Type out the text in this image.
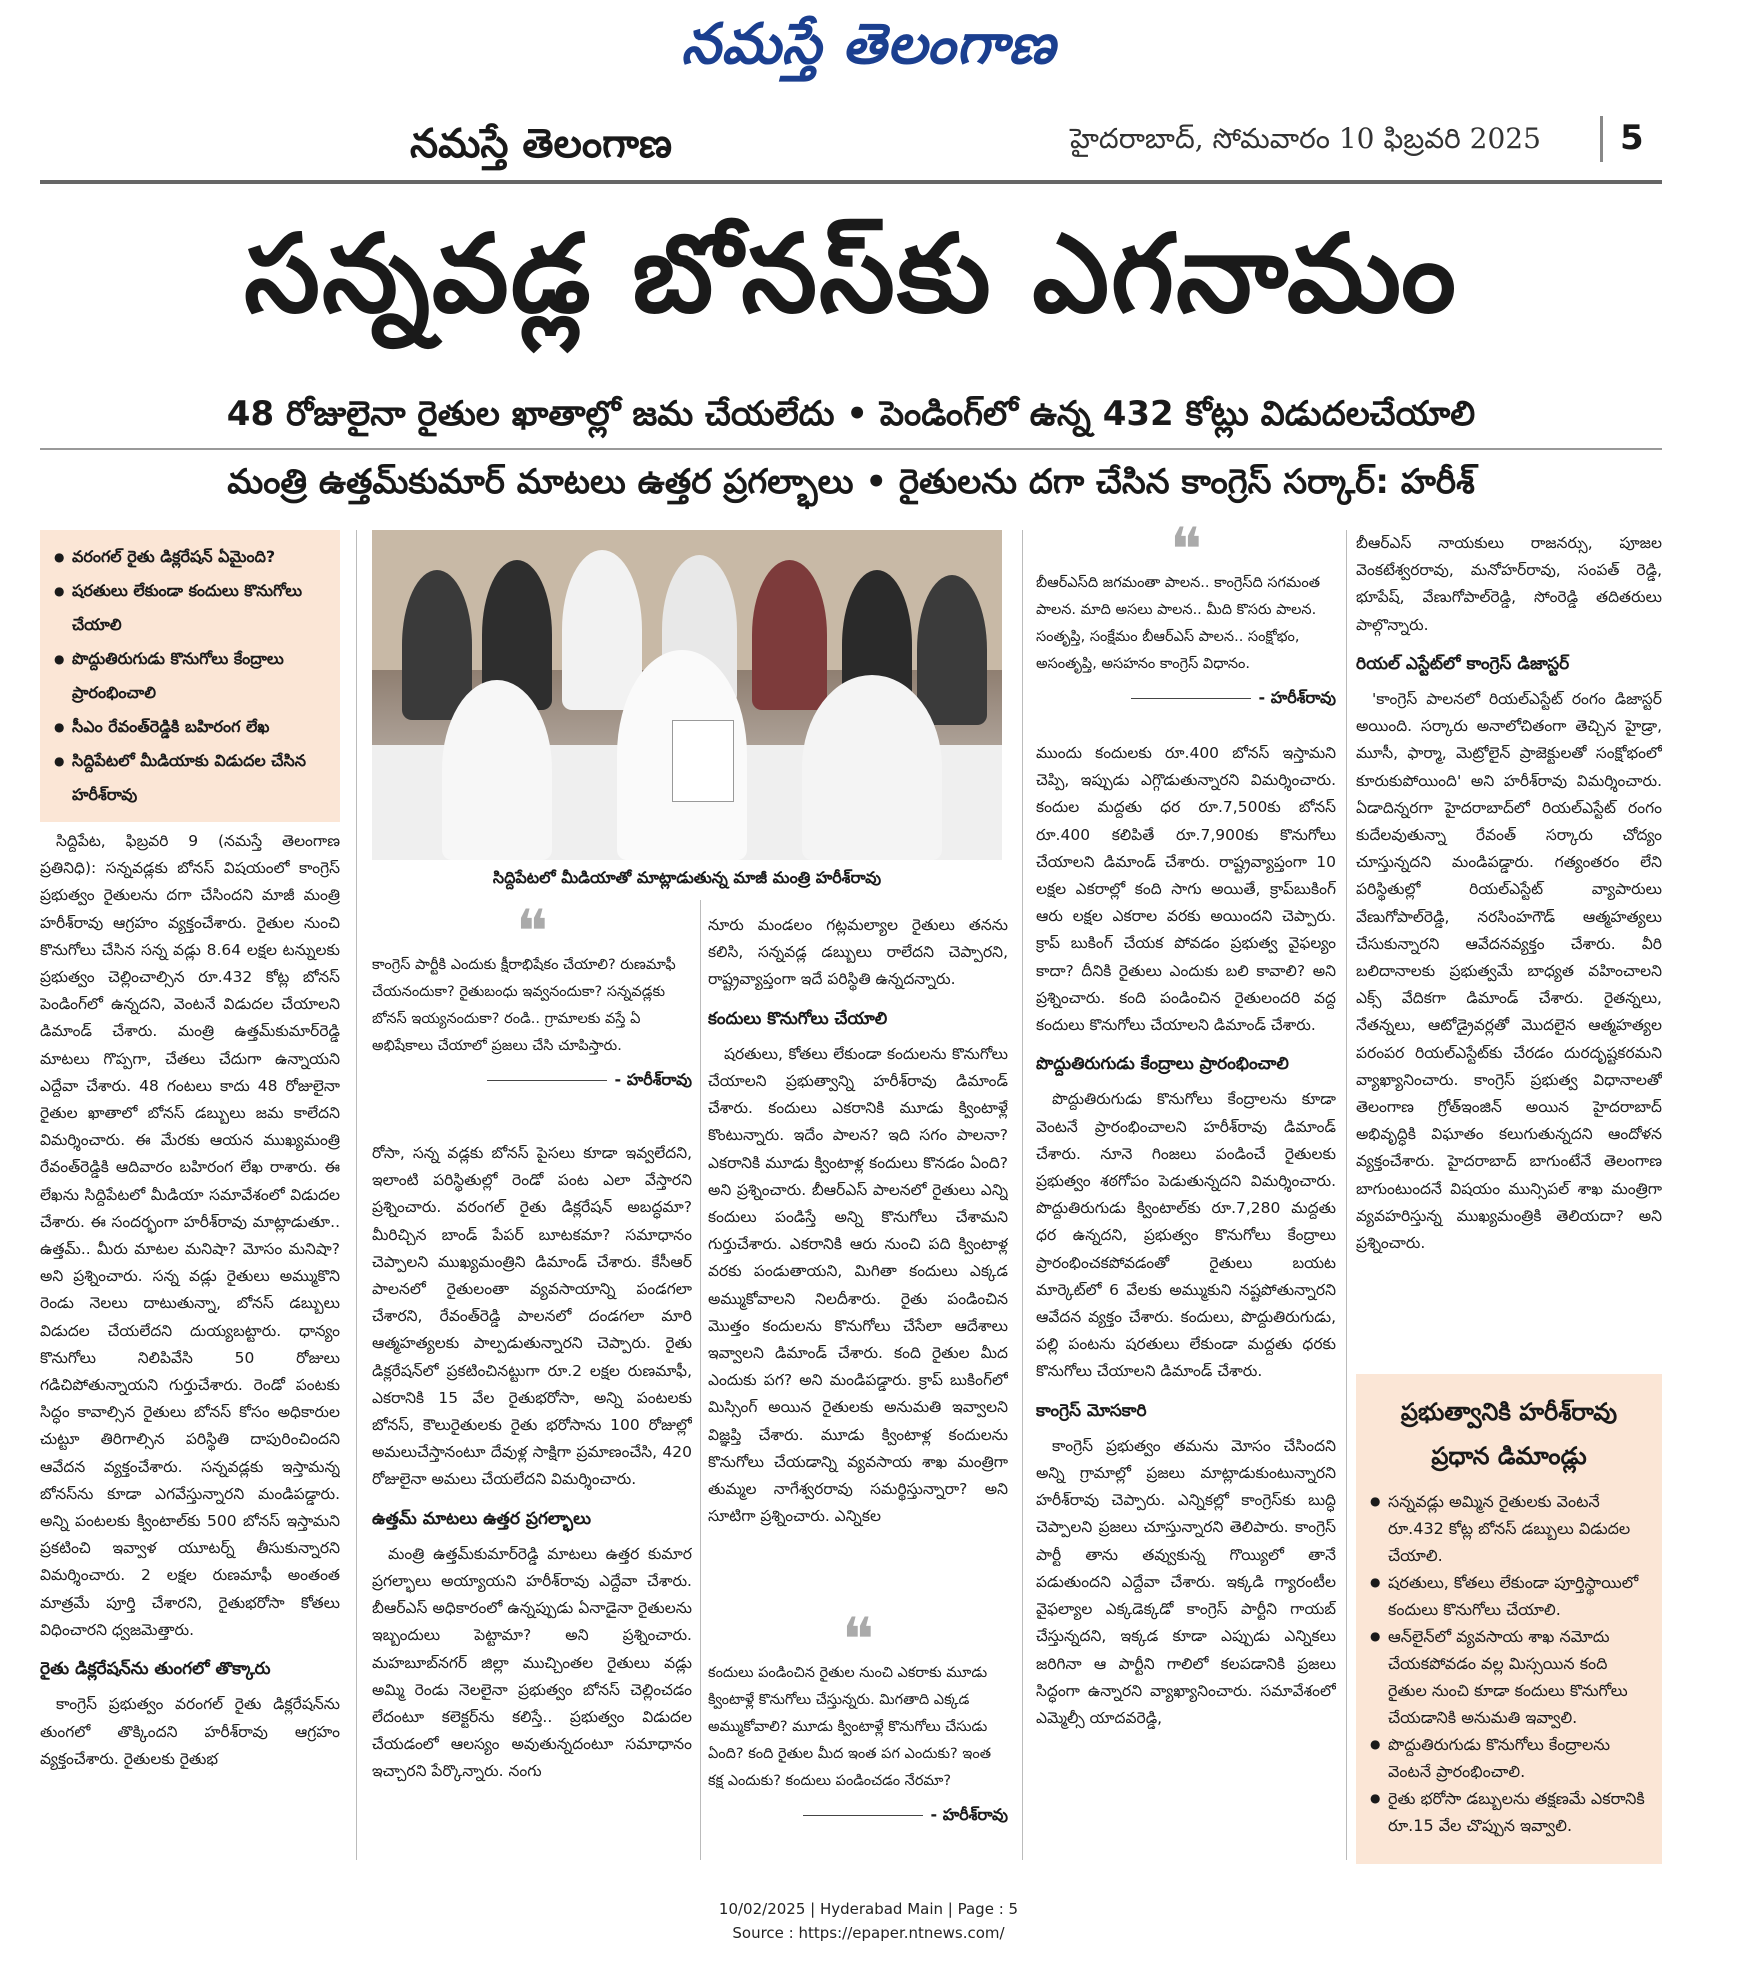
నమస్తే తెలంగాణ
నమస్తే తెలంగాణ	హైదరాబాద్, సోమవారం 10 ఫిబ్రవరి 2025 5
సన్నవడ్ల బోనస్‌కు ఎగనామం
48 రోజులైనా రైతుల ఖాతాల్లో జమ చేయలేదు • పెండింగ్‌లో ఉన్న 432 కోట్లు విడుదలచేయాలి
మంత్రి ఉత్తమ్‌కుమార్ మాటలు ఉత్తర ప్రగల్భాలు • రైతులను దగా చేసిన కాంగ్రెస్ సర్కార్: హరీశ్
● వరంగల్ రైతు డిక్లరేషన్ ఏమైంది?
● షరతులు లేకుండా కందులు కొనుగోలు చేయాలి
● పొద్దుతిరుగుడు కొనుగోలు కేంద్రాలు ప్రారంభించాలి
● సీఎం రేవంత్‌రెడ్డికి బహిరంగ లేఖ
● సిద్దిపేటలో మీడియాకు విడుదల చేసిన హరీశ్‌రావు

సిద్దిపేట, ఫిబ్రవరి 9 (నమస్తే తెలంగాణ ప్రతినిధి): సన్నవడ్లకు బోనస్ విషయంలో కాంగ్రెస్ ప్రభుత్వం రైతులను దగా చేసిందని మాజీ మంత్రి హరీశ్‌రావు ఆగ్రహం వ్యక్తంచేశారు. రైతుల నుంచి కొనుగోలు చేసిన సన్న వడ్లు 8.64 లక్షల టన్నులకు ప్రభుత్వం చెల్లించాల్సిన రూ.432 కోట్ల బోనస్ పెండింగ్‌లో ఉన్నదని, వెంటనే విడుదల చేయాలని డిమాండ్ చేశారు. మంత్రి ఉత్తమ్‌కుమార్‌రెడ్డి మాటలు గొప్పగా, చేతలు చేదుగా ఉన్నాయని ఎద్దేవా చేశారు. 48 గంటలు కాదు 48 రోజులైనా రైతుల ఖాతాలో బోనస్ డబ్బులు జమ కాలేదని విమర్శించారు. ఈ మేరకు ఆయన ముఖ్యమంత్రి రేవంత్‌రెడ్డికి ఆదివారం బహిరంగ లేఖ రాశారు. ఈ లేఖను సిద్దిపేటలో మీడియా సమావేశంలో విడుదల చేశారు. ఈ సందర్భంగా హరీశ్‌రావు మాట్లాడుతూ.. ఉత్తమ్.. మీరు మాటల మనిషా? మోసం మనిషా? అని ప్రశ్నించారు. సన్న వడ్లు రైతులు అమ్ముకొని రెండు నెలలు దాటుతున్నా, బోనస్ డబ్బులు విడుదల చేయలేదని దుయ్యబట్టారు. ధాన్యం కొనుగోలు నిలిపివేసి 50 రోజులు గడిచిపోతున్నాయని గుర్తుచేశారు. రెండో పంటకు సిద్ధం కావాల్సిన రైతులు బోనస్ కోసం అధికారుల చుట్టూ తిరిగాల్సిన పరిస్థితి దాపురించిందని ఆవేదన వ్యక్తంచేశారు. సన్నవడ్లకు ఇస్తామన్న బోనస్‌ను కూడా ఎగవేస్తున్నారని మండిపడ్డారు. అన్ని పంటలకు క్వింటాల్‌కు 500 బోనస్ ఇస్తామని ప్రకటించి ఇవ్వాళ యూటర్న్ తీసుకున్నారని విమర్శించారు. 2 లక్షల రుణమాఫీ అంతంత మాత్రమే పూర్తి చేశారని, రైతుభరోసా కోతలు విధించారని ధ్వజమెత్తారు.

రైతు డిక్లరేషన్‌ను తుంగలో తొక్కారు

కాంగ్రెస్ ప్రభుత్వం వరంగల్ రైతు డిక్లరేషన్‌ను తుంగలో తొక్కిందని హరీశ్‌రావు ఆగ్రహం వ్యక్తంచేశారు. రైతులకు రైతుభ

సిద్దిపేటలో మీడియాతో మాట్లాడుతున్న మాజీ మంత్రి హరీశ్‌రావు
❝
కాంగ్రెస్ పార్టీకి ఎందుకు క్షీరాభిషేకం చేయాలి? రుణమాఫీ చేయనందుకా? రైతుబంధు ఇవ్వనందుకా? సన్నవడ్లకు బోనస్ ఇయ్యనందుకా? రండి.. గ్రామాలకు వస్తే ఏ అభిషేకాలు చేయాలో ప్రజలు చేసి చూపిస్తారు.
- హరీశ్‌రావు

రోసా, సన్న వడ్లకు బోనస్ పైసలు కూడా ఇవ్వలేదని, ఇలాంటి పరిస్థితుల్లో రెండో పంట ఎలా వేస్తారని ప్రశ్నించారు. వరంగల్ రైతు డిక్లరేషన్ అబద్ధమా? మీరిచ్చిన బాండ్ పేపర్ బూటకమా? సమాధానం చెప్పాలని ముఖ్యమంత్రిని డిమాండ్ చేశారు. కేసీఆర్ పాలనలో రైతులంతా వ్యవసాయాన్ని పండగలా చేశారని, రేవంత్‌రెడ్డి పాలనలో దండగలా మారి ఆత్మహత్యలకు పాల్పడుతున్నారని చెప్పారు. రైతు డిక్లరేషన్‌లో ప్రకటించినట్టుగా రూ.2 లక్షల రుణమాఫీ, ఎకరానికి 15 వేల రైతుభరోసా, అన్ని పంటలకు బోనస్, కౌలురైతులకు రైతు భరోసాను 100 రోజుల్లో అమలుచేస్తానంటూ దేవుళ్ల సాక్షిగా ప్రమాణంచేసి, 420 రోజులైనా అమలు చేయలేదని విమర్శించారు.

ఉత్తమ్ మాటలు ఉత్తర ప్రగల్భాలు

మంత్రి ఉత్తమ్‌కుమార్‌రెడ్డి మాటలు ఉత్తర కుమార ప్రగల్భాలు అయ్యాయని హరీశ్‌రావు ఎద్దేవా చేశారు. బీఆర్‌ఎస్ అధికారంలో ఉన్నప్పుడు ఏనాడైనా రైతులను ఇబ్బందులు పెట్టామా? అని ప్రశ్నించారు. మహబూబ్‌నగర్ జిల్లా ముచ్చింతల రైతులు వడ్లు అమ్మి రెండు నెలలైనా ప్రభుత్వం బోనస్ చెల్లించడం లేదంటూ కలెక్టర్‌ను కలిస్తే.. ప్రభుత్వం విడుదల చేయడంలో ఆలస్యం అవుతున్నదంటూ సమాధానం ఇచ్చారని పేర్కొన్నారు. నంగు

నూరు మండలం గట్లమల్యాల రైతులు తనను కలిసి, సన్నవడ్ల డబ్బులు రాలేదని చెప్పారని, రాష్ట్రవ్యాప్తంగా ఇదే పరిస్థితి ఉన్నదన్నారు.

కందులు కొనుగోలు చేయాలి

షరతులు, కోతలు లేకుండా కందులను కొనుగోలు చేయాలని ప్రభుత్వాన్ని హరీశ్‌రావు డిమాండ్ చేశారు. కందులు ఎకరానికి మూడు క్వింటాళ్లే కొంటున్నారు. ఇదేం పాలన? ఇది సగం పాలనా? ఎకరానికి మూడు క్వింటాళ్ల కందులు కొనడం ఏంది? అని ప్రశ్నించారు. బీఆర్‌ఎస్ పాలనలో రైతులు ఎన్ని కందులు పండిస్తే అన్ని కొనుగోలు చేశామని గుర్తుచేశారు. ఎకరానికి ఆరు నుంచి పది క్వింటాళ్ల వరకు పండుతాయని, మిగితా కందులు ఎక్కడ అమ్ముకోవాలని నిలదీశారు. రైతు పండించిన మొత్తం కందులను కొనుగోలు చేసేలా ఆదేశాలు ఇవ్వాలని డిమాండ్ చేశారు. కంది రైతుల మీద ఎందుకు పగ? అని మండిపడ్డారు. క్రాప్ బుకింగ్‌లో మిస్సింగ్ అయిన రైతులకు అనుమతి ఇవ్వాలని విజ్ఞప్తి చేశారు. మూడు క్వింటాళ్ల కందులను కొనుగోలు చేయడాన్ని వ్యవసాయ శాఖ మంత్రిగా తుమ్మల నాగేశ్వరరావు సమర్థిస్తున్నారా? అని సూటిగా ప్రశ్నించారు. ఎన్నికల

❝
కందులు పండించిన రైతుల నుంచి ఎకరాకు మూడు క్వింటాళ్లే కొనుగోలు చేస్తున్నరు. మిగతాది ఎక్కడ అమ్ముకోవాలి? మూడు క్వింటాళ్లే కొనుగోలు చేసుడు ఏంది? కంది రైతుల మీద ఇంత పగ ఎందుకు? ఇంత కక్ష ఎందుకు? కందులు పండించడం నేరమా?
- హరీశ్‌రావు
❝
బీఆర్‌ఎస్‌ది జగమంతా పాలన.. కాంగ్రెస్‌ది సగమంత పాలన. మాది అసలు పాలన.. మీది కొసరు పాలన. సంతృప్తి, సంక్షేమం బీఆర్‌ఎస్ పాలన.. సంక్షోభం, అసంతృప్తి, అసహనం కాంగ్రెస్ విధానం.
- హరీశ్‌రావు

ముందు కందులకు రూ.400 బోనస్ ఇస్తామని చెప్పి, ఇప్పుడు ఎగ్గొడుతున్నారని విమర్శించారు. కందుల మద్దతు ధర రూ.7,500కు బోనస్ రూ.400 కలిపితే రూ.7,900కు కొనుగోలు చేయాలని డిమాండ్ చేశారు. రాష్ట్రవ్యాప్తంగా 10 లక్షల ఎకరాల్లో కంది సాగు అయితే, క్రాప్‌బుకింగ్ ఆరు లక్షల ఎకరాల వరకు అయిందని చెప్పారు. క్రాప్ బుకింగ్ చేయక పోవడం ప్రభుత్వ వైఫల్యం కాదా? దీనికి రైతులు ఎందుకు బలి కావాలి? అని ప్రశ్నించారు. కంది పండించిన రైతులందరి వద్ద కందులు కొనుగోలు చేయాలని డిమాండ్ చేశారు.

పొద్దుతిరుగుడు కేంద్రాలు ప్రారంభించాలి

పొద్దుతిరుగుడు కొనుగోలు కేంద్రాలను కూడా వెంటనే ప్రారంభించాలని హరీశ్‌రావు డిమాండ్ చేశారు. నూనె గింజలు పండించే రైతులకు ప్రభుత్వం శఠగోపం పెడుతున్నదని విమర్శించారు. పొద్దుతిరుగుడు క్వింటాల్‌కు రూ.7,280 మద్దతు ధర ఉన్నదని, ప్రభుత్వం కొనుగోలు కేంద్రాలు ప్రారంభించకపోవడంతో రైతులు బయట మార్కెట్‌లో 6 వేలకు అమ్ముకుని నష్టపోతున్నారని ఆవేదన వ్యక్తం చేశారు. కందులు, పొద్దుతిరుగుడు, పల్లి పంటను షరతులు లేకుండా మద్దతు ధరకు కొనుగోలు చేయాలని డిమాండ్ చేశారు.

కాంగ్రెస్ మోసకారి

కాంగ్రెస్ ప్రభుత్వం తమను మోసం చేసిందని అన్ని గ్రామాల్లో ప్రజలు మాట్లాడుకుంటున్నారని హరీశ్‌రావు చెప్పారు. ఎన్నికల్లో కాంగ్రెస్‌కు బుద్ధి చెప్పాలని ప్రజలు చూస్తున్నారని తెలిపారు. కాంగ్రెస్ పార్టీ తాను తవ్వుకున్న గొయ్యిలో తానే పడుతుందని ఎద్దేవా చేశారు. ఇక్కడి గ్యారంటీల వైఫల్యాల ఎక్కడెక్కడో కాంగ్రెస్ పార్టీని గాయబ్ చేస్తున్నదని, ఇక్కడ కూడా ఎప్పుడు ఎన్నికలు జరిగినా ఆ పార్టీని గాలిలో కలపడానికి ప్రజలు సిద్ధంగా ఉన్నారని వ్యాఖ్యానించారు. సమావేశంలో ఎమ్మెల్సీ యాదవరెడ్డి,

బీఆర్‌ఎస్ నాయకులు రాజనర్సు, పూజల వెంకటేశ్వరరావు, మనోహర్‌రావు, సంపత్ రెడ్డి, భూపేష్, వేణుగోపాల్‌రెడ్డి, సోంరెడ్డి తదితరులు పాల్గొన్నారు.

రియల్ ఎస్టేట్‌లో కాంగ్రెస్ డిజాస్టర్

'కాంగ్రెస్ పాలనలో రియల్‌ఎస్టేట్ రంగం డిజాస్టర్ అయింది. సర్కారు అనాలోచితంగా తెచ్చిన హైడ్రా, మూసీ, ఫార్మా, మెట్రోలైన్ ప్రాజెక్టులతో సంక్షోభంలో కూరుకుపోయింది' అని హరీశ్‌రావు విమర్శించారు. ఏడాదిన్నరగా హైదరాబాద్‌లో రియల్‌ఎస్టేట్ రంగం కుదేలవుతున్నా రేవంత్ సర్కారు చోద్యం చూస్తున్నదని మండిపడ్డారు. గత్యంతరం లేని పరిస్థితుల్లో రియల్‌ఎస్టేట్ వ్యాపారులు వేణుగోపాల్‌రెడ్డి, నరసింహగౌడ్ ఆత్మహత్యలు చేసుకున్నారని ఆవేదనవ్యక్తం చేశారు. వీరి బలిదానాలకు ప్రభుత్వమే బాధ్యత వహించాలని ఎక్స్ వేదికగా డిమాండ్ చేశారు. రైతన్నలు, నేతన్నలు, ఆటోడ్రైవర్లతో మొదలైన ఆత్మహత్యల పరంపర రియల్‌ఎస్టేట్‌కు చేరడం దురదృష్టకరమని వ్యాఖ్యానించారు. కాంగ్రెస్ ప్రభుత్వ విధానాలతో తెలంగాణ గ్రోత్‌ఇంజిన్ అయిన హైదరాబాద్ అభివృద్ధికి విఘాతం కలుగుతున్నదని ఆందోళన వ్యక్తంచేశారు. హైదరాబాద్ బాగుంటేనే తెలంగాణ బాగుంటుందనే విషయం మున్సిపల్ శాఖ మంత్రిగా వ్యవహరిస్తున్న ముఖ్యమంత్రికి తెలియదా? అని ప్రశ్నించారు.

ప్రభుత్వానికి హరీశ్‌రావు ప్రధాన డిమాండ్లు
● సన్నవడ్లు అమ్మిన రైతులకు వెంటనే రూ.432 కోట్ల బోనస్ డబ్బులు విడుదల చేయాలి.
● షరతులు, కోతలు లేకుండా పూర్తిస్థాయిలో కందులు కొనుగోలు చేయాలి.
● ఆన్‌లైన్‌లో వ్యవసాయ శాఖ నమోదు చేయకపోవడం వల్ల మిస్సయిన కంది రైతుల నుంచి కూడా కందులు కొనుగోలు చేయడానికి అనుమతి ఇవ్వాలి.
● పొద్దుతిరుగుడు కొనుగోలు కేంద్రాలను వెంటనే ప్రారంభించాలి.
● రైతు భరోసా డబ్బులను తక్షణమే ఎకరానికి రూ.15 వేల చొప్పున ఇవ్వాలి.
10/02/2025 | Hyderabad Main | Page : 5
Source : https://epaper.ntnews.com/
